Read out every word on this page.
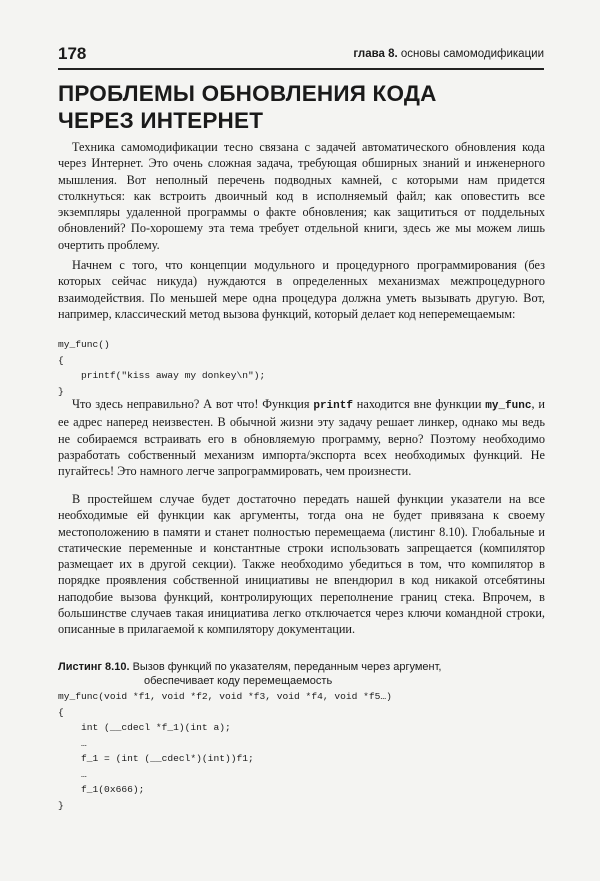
178	глава 8. основы самомодификации
ПРОБЛЕМЫ ОБНОВЛЕНИЯ КОДА
ЧЕРЕЗ ИНТЕРНЕТ

Техника самомодификации тесно связана с задачей автоматического обновления кода через Интернет. Это очень сложная задача, требующая обширных знаний и инженерного мышления. Вот неполный перечень подводных камней, с которыми нам придется столкнуться: как встроить двоичный код в исполняемый файл; как оповестить все экземпляры удаленной программы о факте обновления; как защититься от поддельных обновлений? По-хорошему эта тема требует отдельной книги, здесь же мы можем лишь очертить проблему.

Начнем с того, что концепции модульного и процедурного программирования (без которых сейчас никуда) нуждаются в определенных механизмах межпроцедурного взаимодействия. По меньшей мере одна процедура должна уметь вызывать другую. Вот, например, классический метод вызова функций, который делает код неперемещаемым:

my_func()
{
printf("kiss away my donkey\n");
}

Что здесь неправильно? А вот что! Функция printf находится вне функции my_func, и ее адрес наперед неизвестен. В обычной жизни эту задачу решает линкер, однако мы ведь не собираемся встраивать его в обновляемую программу, верно? Поэтому необходимо разработать собственный механизм импорта/экспорта всех необходимых функций. Не пугайтесь! Это намного легче запрограммировать, чем произнести.

В простейшем случае будет достаточно передать нашей функции указатели на все необходимые ей функции как аргументы, тогда она не будет привязана к своему местоположению в памяти и станет полностью перемещаема (листинг 8.10). Глобальные и статические переменные и константные строки использовать запрещается (компилятор размещает их в другой секции). Также необходимо убедиться в том, что компилятор в порядке проявления собственной инициативы не впендюрил в код никакой отсебятины наподобие вызова функций, контролирующих переполнение границ стека. Впрочем, в большинстве случаев такая инициатива легко отключается через ключи командной строки, описанные в прилагаемой к компилятору документации.

Листинг 8.10. Вызов функций по указателям, переданным через аргумент,
обеспечивает коду перемещаемость
my_func(void *f1, void *f2, void *f3, void *f4, void *f5…)
{
int (__cdecl *f_1)(int a);
…
f_1 = (int (__cdecl*)(int))f1;
…
f_1(0x666);
}
